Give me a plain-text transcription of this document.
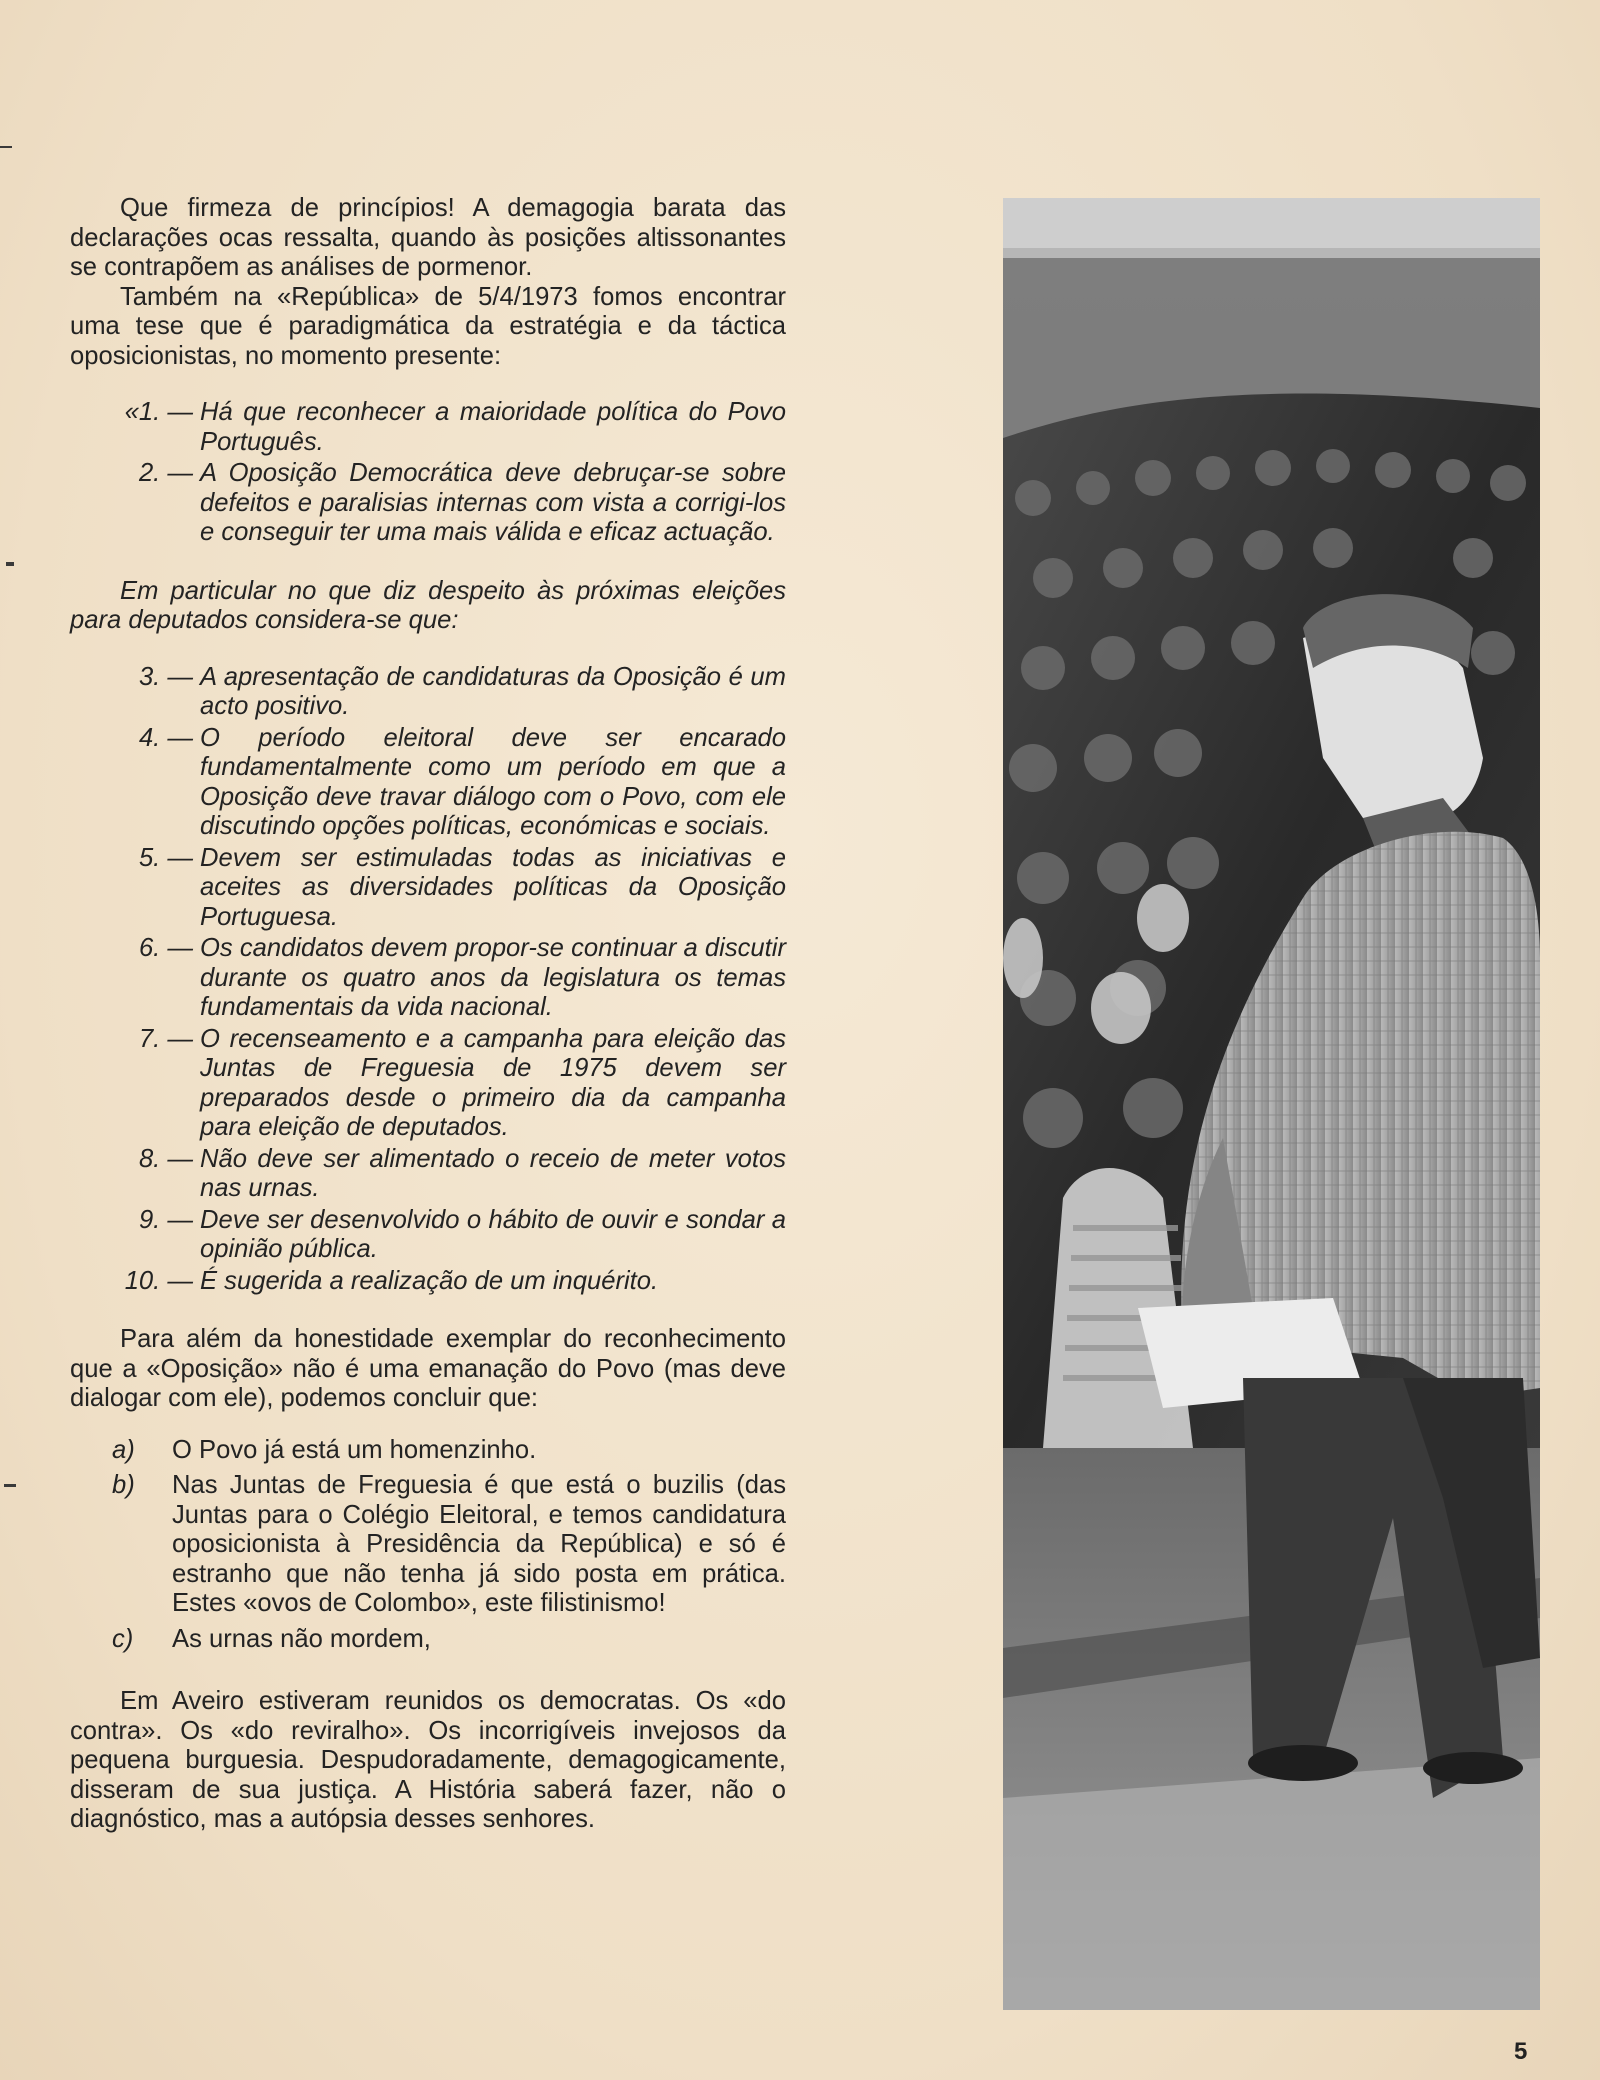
Que firmeza de princípios! A demagogia barata das declarações ocas ressalta, quando às posições altissonantes se contrapõem as análises de pormenor.

Também na «República» de 5/4/1973 fomos encontrar uma tese que é paradigmática da estratégia e da táctica oposicionistas, no momento presente:

«1. — Há que reconhecer a maioridade política do Povo Português.
2. — A Oposição Democrática deve debruçar-se sobre defeitos e paralisias internas com vista a corrigi-los e conseguir ter uma mais válida e eficaz actuação.

Em particular no que diz despeito às próximas eleições para deputados considera-se que:

3. — A apresentação de candidaturas da Oposição é um acto positivo.
4. — O período eleitoral deve ser encarado fundamentalmente como um período em que a Oposição deve travar diálogo com o Povo, com ele discutindo opções políticas, económicas e sociais.
5. — Devem ser estimuladas todas as iniciativas e aceites as diversidades políticas da Oposição Portuguesa.
6. — Os candidatos devem propor-se continuar a discutir durante os quatro anos da legislatura os temas fundamentais da vida nacional.
7. — O recenseamento e a campanha para eleição das Juntas de Freguesia de 1975 devem ser preparados desde o primeiro dia da campanha para eleição de deputados.
8. — Não deve ser alimentado o receio de meter votos nas urnas.
9. — Deve ser desenvolvido o hábito de ouvir e sondar a opinião pública.
10. — É sugerida a realização de um inquérito.

Para além da honestidade exemplar do reconhecimento que a «Oposição» não é uma emanação do Povo (mas deve dialogar com ele), podemos concluir que:

a)	O Povo já está um homenzinho.
b)	Nas Juntas de Freguesia é que está o buzilis (das Juntas para o Colégio Eleitoral, e temos candidatura oposicionista à Presidência da República) e só é estranho que não tenha já sido posta em prática. Estes «ovos de Colombo», este filistinismo!
c)	As urnas não mordem,

Em Aveiro estiveram reunidos os democratas. Os «do contra». Os «do reviralho». Os incorrigíveis invejosos da pequena burguesia. Despudoradamente, demagogicamente, disseram de sua justiça. A História saberá fazer, não o diagnóstico, mas a autópsia desses senhores.

5
